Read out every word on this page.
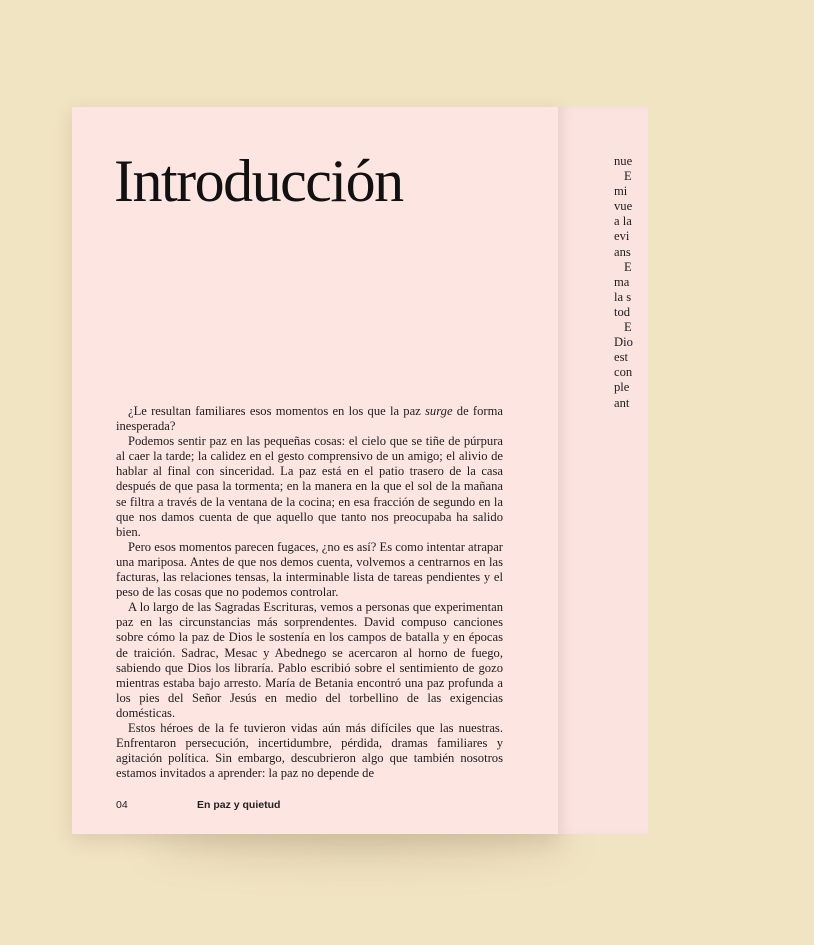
Introducción

¿Le resultan familiares esos momentos en los que la paz surge de forma inesperada?

Podemos sentir paz en las pequeñas cosas: el cielo que se tiñe de púrpura al caer la tarde; la calidez en el gesto comprensivo de un amigo; el alivio de hablar al final con sinceridad. La paz está en el patio trasero de la casa después de que pasa la tormenta; en la manera en la que el sol de la mañana se filtra a través de la ventana de la cocina; en esa fracción de segundo en la que nos damos cuenta de que aquello que tanto nos preocupaba ha salido bien.

Pero esos momentos parecen fugaces, ¿no es así? Es como intentar atrapar una mariposa. Antes de que nos demos cuenta, volvemos a centrarnos en las facturas, las relaciones tensas, la interminable lista de tareas pendientes y el peso de las cosas que no podemos controlar.

A lo largo de las Sagradas Escrituras, vemos a personas que experimentan paz en las circunstancias más sorprendentes. David compuso canciones sobre cómo la paz de Dios le sostenía en los campos de batalla y en épocas de traición. Sadrac, Mesac y Abednego se acercaron al horno de fuego, sabiendo que Dios los libraría. Pablo escribió sobre el sentimiento de gozo mientras estaba bajo arresto. María de Betania encontró una paz profunda a los pies del Señor Jesús en medio del torbellino de las exigencias domésticas.

Estos héroes de la fe tuvieron vidas aún más difíciles que las nuestras. Enfrentaron persecución, incertidumbre, pérdida, dramas familiares y agitación política. Sin embargo, descubrieron algo que también nosotros estamos invitados a aprender: la paz no depende de

04	En paz y quietud
nue
E
mi
vue
a la
evi
ans
E
ma
la s
tod
E
Dio
est
con
ple
ant
